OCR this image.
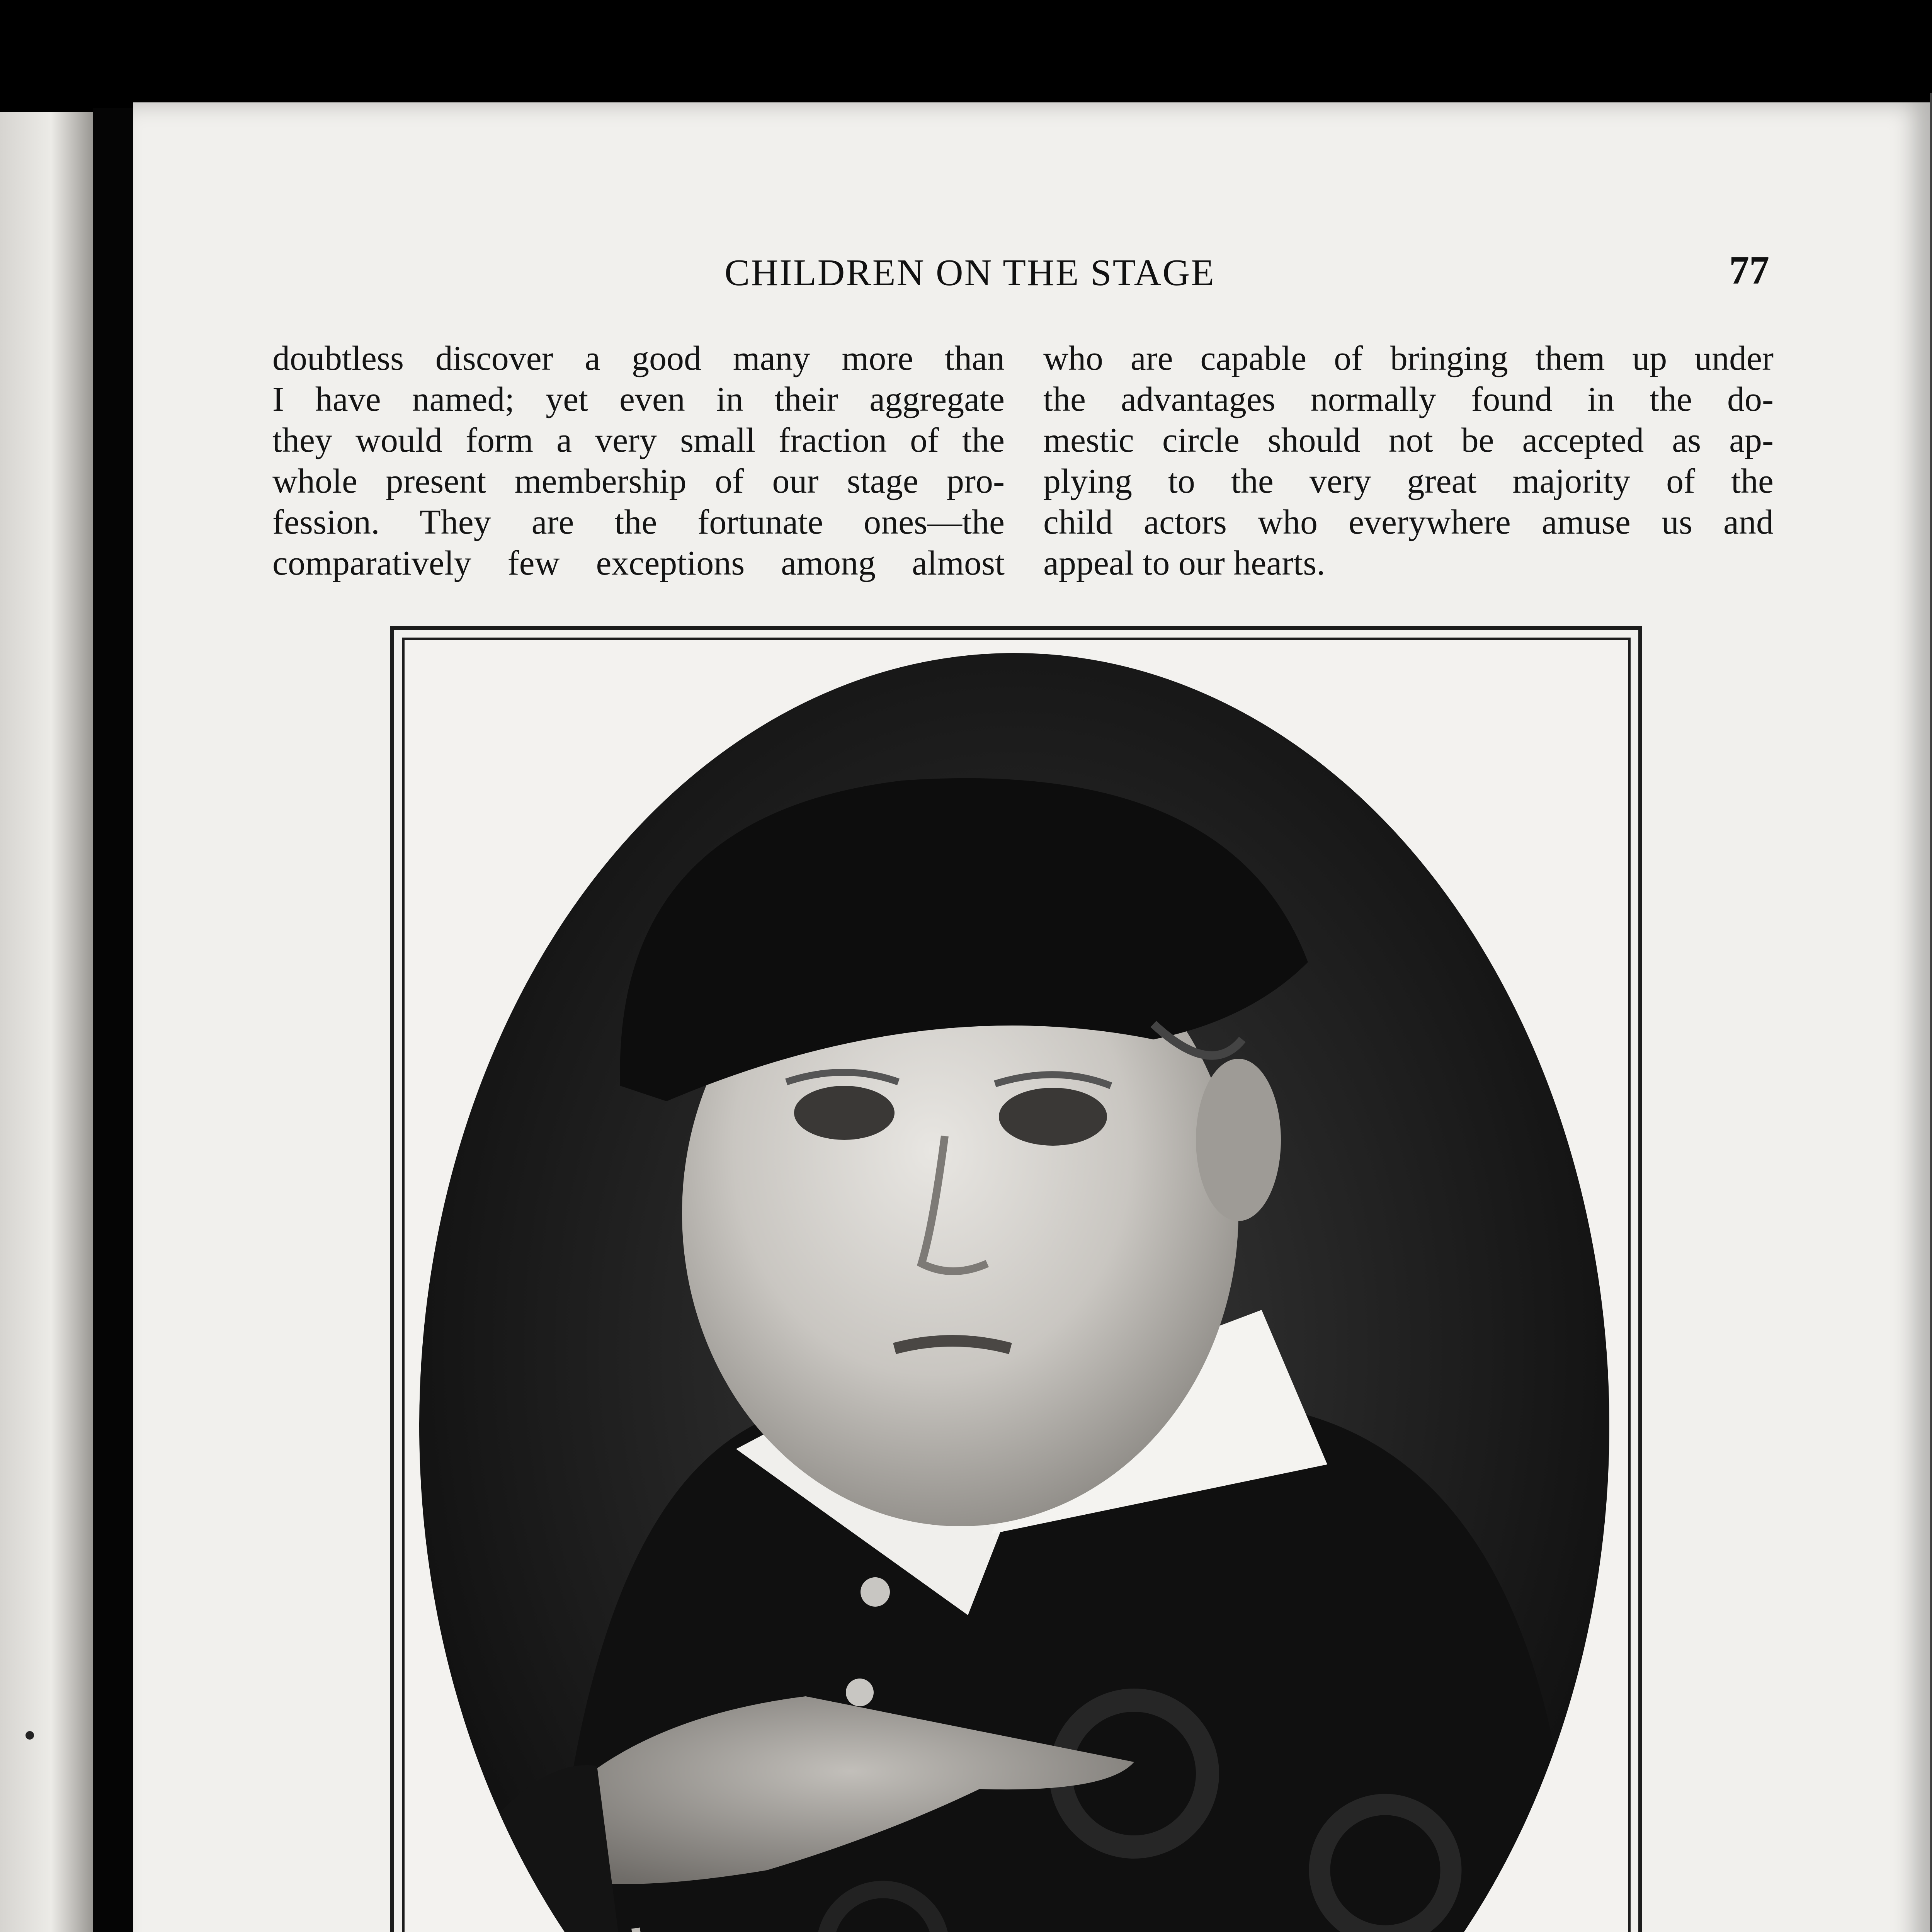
CHILDREN ON THE STAGE	77
doubtless discover a good many more than
I have named; yet even in their aggregate
they would form a very small fraction of the
whole present membership of our stage pro-
fession. They are the fortunate ones—the
comparatively few exceptions among almost
who are capable of bringing them up under
the advantages normally found in the do-
mestic circle should not be accepted as ap-
plying to the very great majority of the
child actors who everywhere amuse us and
appeal to our hearts.
